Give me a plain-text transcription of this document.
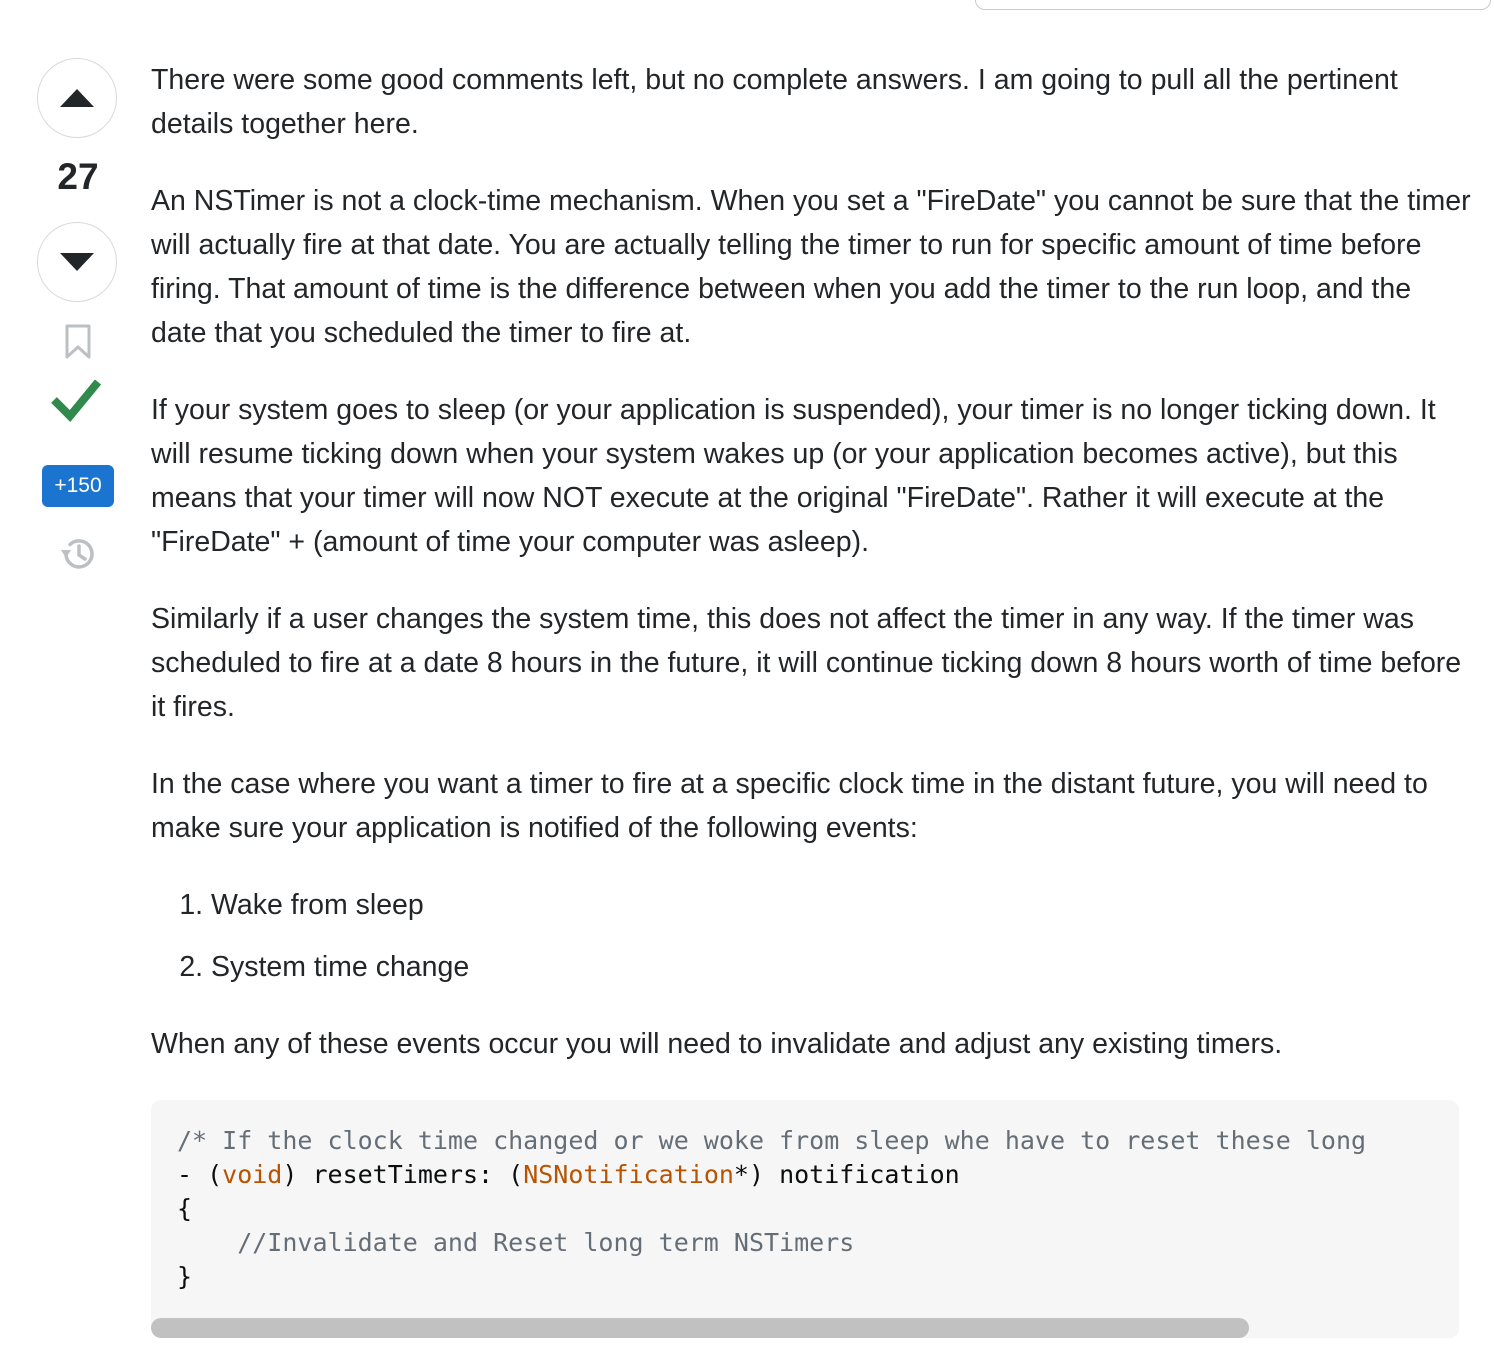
27
+150

There were some good comments left, but no complete answers. I am going to pull all the pertinent details together here.

An NSTimer is not a clock-time mechanism. When you set a "FireDate" you cannot be sure that the timer will actually fire at that date. You are actually telling the timer to run for specific amount of time before firing. That amount of time is the difference between when you add the timer to the run loop, and the date that you scheduled the timer to fire at.

If your system goes to sleep (or your application is suspended), your timer is no longer ticking down. It will resume ticking down when your system wakes up (or your application becomes active), but this means that your timer will now NOT execute at the original "FireDate". Rather it will execute at the "FireDate" + (amount of time your computer was asleep).

Similarly if a user changes the system time, this does not affect the timer in any way. If the timer was scheduled to fire at a date 8 hours in the future, it will continue ticking down 8 hours worth of time before it fires.

In the case where you want a timer to fire at a specific clock time in the distant future, you will need to make sure your application is notified of the following events:

1. Wake from sleep
2. System time change

When any of these events occur you will need to invalidate and adjust any existing timers.

/* If the clock time changed or we woke from sleep whe have to reset these long
- (void) resetTimers: (NSNotification*) notification
{
//Invalidate and Reset long term NSTimers
}
